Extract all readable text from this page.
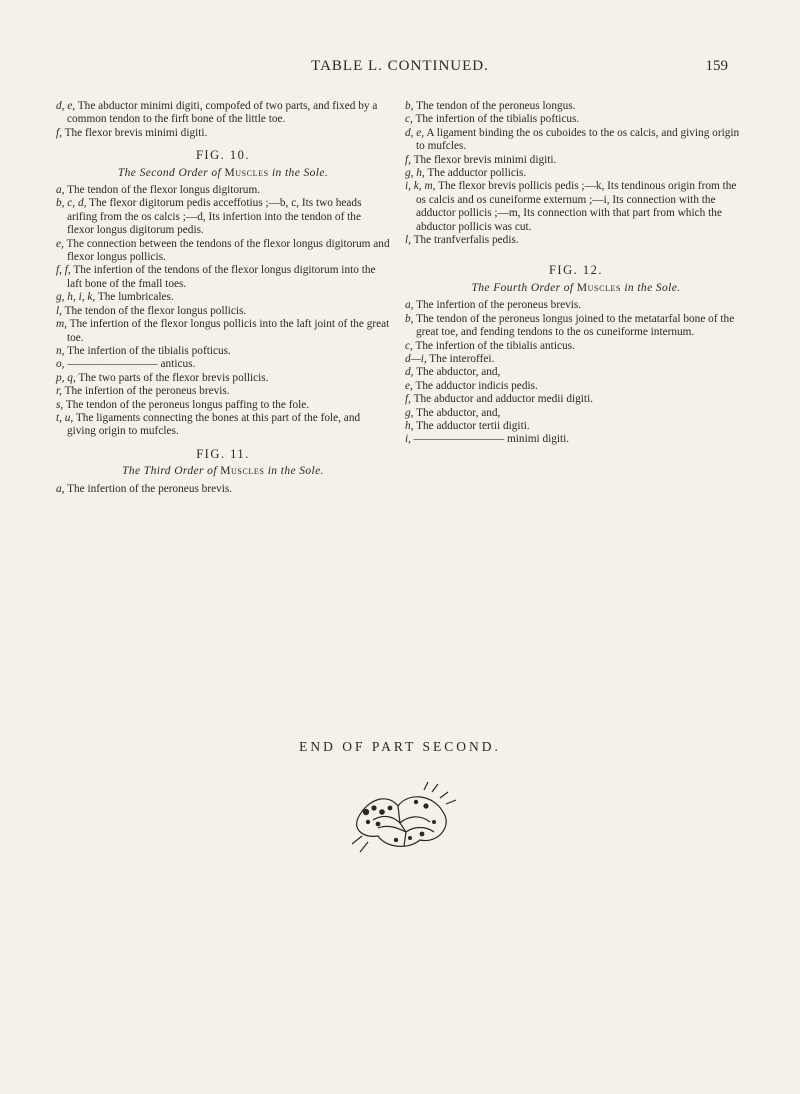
TABLE L. CONTINUED.	159

d, e, The abductor minimi digiti, compofed of two parts, and fixed by a common tendon to the firft bone of the little toe.

f, The flexor brevis minimi digiti.

FIG. 10.
The Second Order of Muscles in the Sole.

a, The tendon of the flexor longus digitorum.

b, c, d, The flexor digitorum pedis acceffotius ;—b, c, Its two heads arifing from the os calcis ;—d, Its infertion into the tendon of the flexor longus digitorum pedis.

e, The connection between the tendons of the flexor longus digitorum and flexor longus pollicis.

f, f, The infertion of the tendons of the flexor longus digitorum into the laft bone of the fmall toes.

g, h, i, k, The lumbricales.

l, The tendon of the flexor longus pollicis.

m, The infertion of the flexor longus pollicis into the laft joint of the great toe.

n, The infertion of the tibialis pofticus.

o, ———————— anticus.

p, q, The two parts of the flexor brevis pollicis.

r, The infertion of the peroneus brevis.

s, The tendon of the peroneus longus paffing to the fole.

t, u, The ligaments connecting the bones at this part of the fole, and giving origin to mufcles.

FIG. 11.
The Third Order of Muscles in the Sole.

a, The infertion of the peroneus brevis.

b, The tendon of the peroneus longus.

c, The infertion of the tibialis pofticus.

d, e, A ligament binding the os cuboides to the os calcis, and giving origin to mufcles.

f, The flexor brevis minimi digiti.

g, h, The adductor pollicis.

i, k, m, The flexor brevis pollicis pedis ;—k, Its tendinous origin from the os calcis and os cuneiforme externum ;—i, Its connection with the adductor pollicis ;—m, Its connection with that part from which the abductor pollicis was cut.

l, The tranfverfalis pedis.

FIG. 12.
The Fourth Order of Muscles in the Sole.

a, The infertion of the peroneus brevis.

b, The tendon of the peroneus longus joined to the metatarfal bone of the great toe, and fending tendons to the os cuneiforme internum.

c, The infertion of the tibialis anticus.

d—i, The interoffei.

d, The abductor, and,

e, The adductor indicis pedis.

f, The abductor and adductor medii digiti.

g, The abductor, and,

h, The adductor tertii digiti.

i, ———————— minimi digiti.

END OF PART SECOND.
